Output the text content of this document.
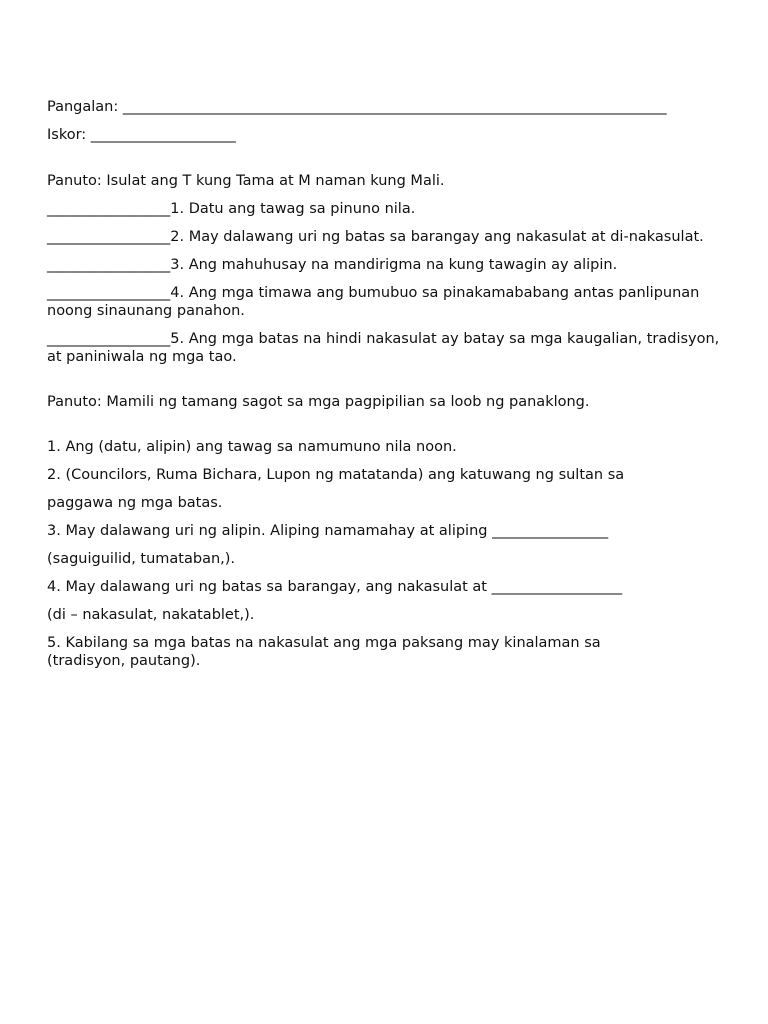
Pangalan: ___________________________________________________________________________

Iskor: ____________________

Panuto: Isulat ang T kung Tama at M naman kung Mali.

_________________1. Datu ang tawag sa pinuno nila.

_________________2. May dalawang uri ng batas sa barangay ang nakasulat at di-nakasulat.

_________________3. Ang mahuhusay na mandirigma na kung tawagin ay alipin.

_________________4. Ang mga timawa ang bumubuo sa pinakamababang antas panlipunan noong sinaunang panahon.

_________________5. Ang mga batas na hindi nakasulat ay batay sa mga kaugalian, tradisyon, at paniniwala ng mga tao.

Panuto: Mamili ng tamang sagot sa mga pagpipilian sa loob ng panaklong.

1. Ang (datu, alipin) ang tawag sa namumuno nila noon.

2. (Councilors, Ruma Bichara, Lupon ng matatanda) ang katuwang ng sultan sa

paggawa ng mga batas.

3. May dalawang uri ng alipin. Aliping namamahay at aliping ________________

(saguiguilid, tumataban,).

4. May dalawang uri ng batas sa barangay, ang nakasulat at __________________

(di – nakasulat, nakatablet,).

5. Kabilang sa mga batas na nakasulat ang mga paksang may kinalaman sa

(tradisyon, pautang).
